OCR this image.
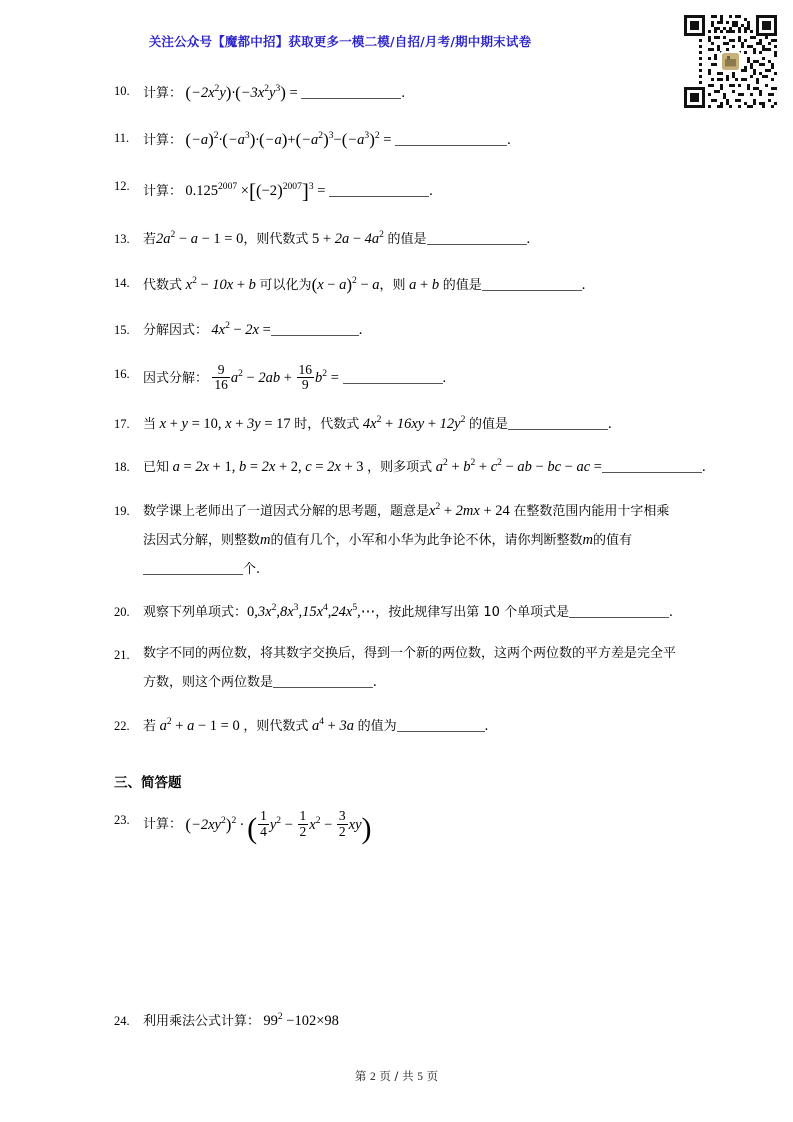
关注公众号【魔都中招】获取更多一模二模/自招/月考/期中期末试卷
10.	计算： $(-2x^2y)\cdot(-3x^2y^3)$ =	.
11.	计算： $(-a)^2\cdot(-a^3)\cdot(-a)+(-a^2)^3-(-a^3)^2$ =	.
12.	计算： $0.125^{2007} \times[(-2)^{2007}]^3$ =	.
13.	若$2a^2 - a - 1 = 0$，则代数式 $5 + 2a - 4a^2$ 的值是	.
14.	代数式 $x^2 - 10x + b$ 可以化为$(x - a)^2 - a$，则 a + b 的值是	.
15.	分解因式： $4x^2 - 2x$ =	.
16.	因式分解： $\frac{9}{16} a^2 - 2ab + \frac{16}{9} b^2$ =	.
17.	当 x + y = 10, x + 3y = 17 时，代数式 $4x^2 + 16xy + 12y^2$ 的值是	.
18.	已知 a = 2x + 1, b = 2x + 2, c = 2x + 3 ，则多项式 $a^2 + b^2 + c^2$ − ab − bc − ac =	.
19.	数学课上老师出了一道因式分解的思考题，题意是$x^2 + 2mx + 24$ 在整数范围内能用十字相乘
法因式分解，则整数m的值有几个，小军和小华为此争论不休，请你判断整数m的值有
个.
20.	观察下列单项式：$0,3x^2,8x^3,15x^4,24x^5,\cdots$，按此规律写出第 10 个单项式是	.
21.	数字不同的两位数，将其数字交换后，得到一个新的两位数，这两个两位数的平方差是完全平
方数，则这个两位数是	.
22.	若 $a^2 + a - 1 = 0$ ，则代数式 $a^4 + 3a$ 的值为	.
三、简答题
23.	计算： $(-2xy^2)^2$ · ( $\frac{1}{4} y^2 - \frac{1}{2} x^2 - \frac{3}{2} xy$)
24.	利用乘法公式计算： $99^2 -102\times 98$
第 2 页 / 共 5 页
